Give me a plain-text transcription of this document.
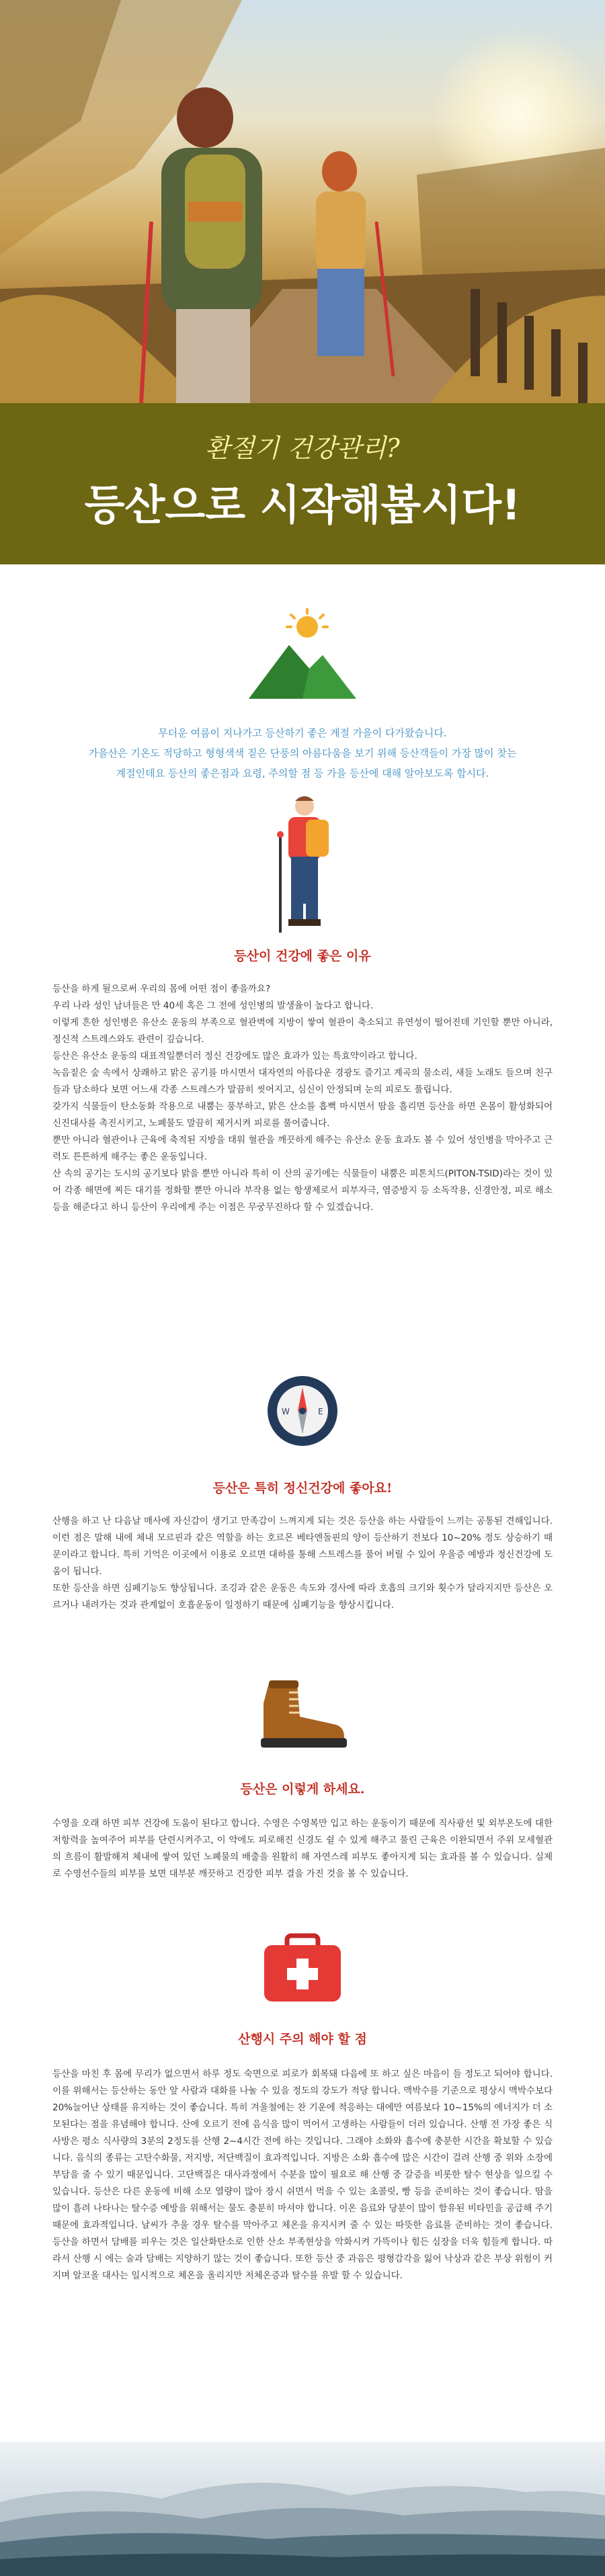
환절기 건강관리?
등산으로 시작해봅시다!
무더운 여름이 지나가고 등산하기 좋은 계절 가을이 다가왔습니다.
가을산은 기온도 적당하고 형형색색 짙은 단풍의 아름다움을 보기 위해 등산객들이 가장 많이 찾는
계절인데요 등산의 좋은점과 요령, 주의할 점 등 가을 등산에 대해 알아보도록 합시다.
등산이 건강에 좋은 이유

등산을 하게 될으로써 우리의 몸에 어떤 점이 좋을까요?

우리 나라 성인 남녀들은 만 40세 혹은 그 전에 성인병의 발생율이 높다고 합니다.

이렇게 흔한 성인병은 유산소 운동의 부족으로 혈관벽에 지방이 쌓여 혈관이 축소되고 유연성이 떨어진데 기인할 뿐만 아니라, 정신적 스트레스와도 관련이 깊습니다.

등산은 유산소 운동의 대표적일뿐더러 정신 건강에도 많은 효과가 있는 특효약이라고 합니다.

녹음짙은 숲 속에서 상쾌하고 맑은 공기를 마시면서 대자연의 아름다운 경광도 즐기고 계곡의 물소리, 새들 노래도 들으며 친구들과 담소하다 보면 어느새 각종 스트레스가 말끔히 씻어지고, 심신이 안정되며 눈의 피로도 풀립니다.

갖가지 식물들이 탄소동화 작용으로 내뿜는 풍부하고, 맑은 산소를 흡뻑 마시면서 땀을 흘리면 등산을 하면 온몸이 활성화되어 신진대사를 촉진시키고, 노폐물도 말끔히 제거시켜 피로를 풀어줍니다.

뿐만 아니라 혈관이나 근육에 축적된 지방을 태워 혈관을 깨끗하게 해주는 유산소 운동 효과도 볼 수 있어 성인병을 막아주고 근력도 튼튼하게 해주는 좋은 운동입니다.

산 속의 공기는 도시의 공기보다 맑을 뿐만 아니라 특히 이 산의 공기에는 식물들이 내뿜은 피톤치드(PITON-TSID)라는 것이 있어 각종 해면에 찌든 대기를 정화할 뿐만 아니라 부작용 없는 항생제로서 피부자극, 염증방지 등 소독작용, 신경안정, 피로 해소 등을 해준다고 하니 등산이 우리에게 주는 이점은 무궁무진하다 할 수 있겠습니다.

W	E
등산은 특히 정신건강에 좋아요!

산행을 하고 난 다음날 매사에 자신감이 생기고 만족감이 느껴지게 되는 것은 등산을 하는 사람들이 느끼는 공통된 견해입니다. 이런 점은 말해 내에 체내 모르핀과 같은 역할을 하는 호르몬 베타엔돌핀의 양이 등산하기 전보다 10~20% 정도 상승하기 때문이라고 합니다. 특히 기억은 이곳에서 이용로 오르면 대하를 통해 스트레스를 풀어 버릴 수 있어 우울증 예방과 정신건강에 도움이 됩니다.

또한 등산을 하면 심폐기능도 향상됩니다. 조깅과 같은 운동은 속도와 경사에 따라 호흡의 크기와 횟수가 달라지지만 등산은 오르거나 내려가는 것과 관계없이 호흡운동이 일정하기 때문에 심폐기능을 향상시킵니다.

등산은 이렇게 하세요.

수영을 오래 하면 피부 건강에 도움이 된다고 합니다. 수영은 수영복만 입고 하는 운동이기 때문에 직사광선 및 외부온도에 대한 저항력을 높여주어 피부를 단련시켜주고, 이 약에도 피로해진 신경도 쉴 수 있게 해주고 풀린 근육은 이완되면서 주위 모세혈관의 흐름이 활발해져 체내에 쌓여 있던 노폐물의 배출을 원활히 해 자연스레 피부도 좋아지게 되는 효과를 볼 수 있습니다. 실제로 수영선수들의 피부를 보면 대부분 깨끗하고 건강한 피부 결을 가진 것을 볼 수 있습니다.

산행시 주의 해야 할 점

등산을 마친 후 몸에 무리가 없으면서 하루 정도 숙면으로 피로가 회복돼 다음에 또 하고 싶은 마음이 들 정도고 되어야 합니다. 이를 위해서는 등산하는 동안 앞 사람과 대화를 나눌 수 있을 정도의 강도가 적당 합니다. 맥박수를 기준으로 평상시 맥박수보다 20%늘어난 상태를 유지하는 것이 좋습니다. 특히 겨울철에는 찬 기운에 적응하는 대에만 여름보다 10~15%의 에너지가 더 소모된다는 점을 유념해야 합니다. 산에 오르기 전에 음식을 많이 먹어서 고생하는 사람들이 더러 있습니다. 산행 전 가장 좋은 식사방은 평소 식사량의 3분의 2정도를 산행 2~4시간 전에 하는 것입니다. 그래야 소화와 흡수에 충분한 시간을 확보할 수 있습니다. 음식의 종류는 고탄수화물, 저지방, 저단백질이 효과적입니다. 지방은 소화 흡수에 많은 시간이 걸려 산행 중 위와 소장에 부담을 줄 수 있기 때문입니다. 고단백질은 대사과정에서 수분을 많이 필요로 해 산행 중 갈증을 비롯한 탈수 현상을 일으킬 수 있습니다. 등산은 다른 운동에 비해 소모 열량이 많아 장시 쉬면서 먹을 수 있는 초콜릿, 빵 등을 준비하는 것이 좋습니다. 땀을 많이 흘려 나타나는 탈수증 예방을 위해서는 물도 충분히 마셔야 합니다. 이온 음료와 당분이 많이 함유된 비타민을 공급해 주기 때문에 효과적입니다. 날씨가 추울 경우 탈수를 막아주고 체온을 유지시켜 줄 수 있는 따뜻한 음료를 준비하는 것이 좋습니다. 등산을 하면서 담배를 피우는 것은 일산화탄소로 인한 산소 부족현상을 악화시켜 가뜩이나 힘든 심장을 더욱 힘들게 합니다. 따라서 산행 시 에는 술과 담배는 지양하기 않는 것이 좋습니다. 또한 등산 중 과음은 평형감각을 잃어 낙상과 같은 부상 위험이 커지며 알코올 대사는 일시적으로 체온을 올리지만 저체온증과 탈수를 유발 할 수 있습니다.
